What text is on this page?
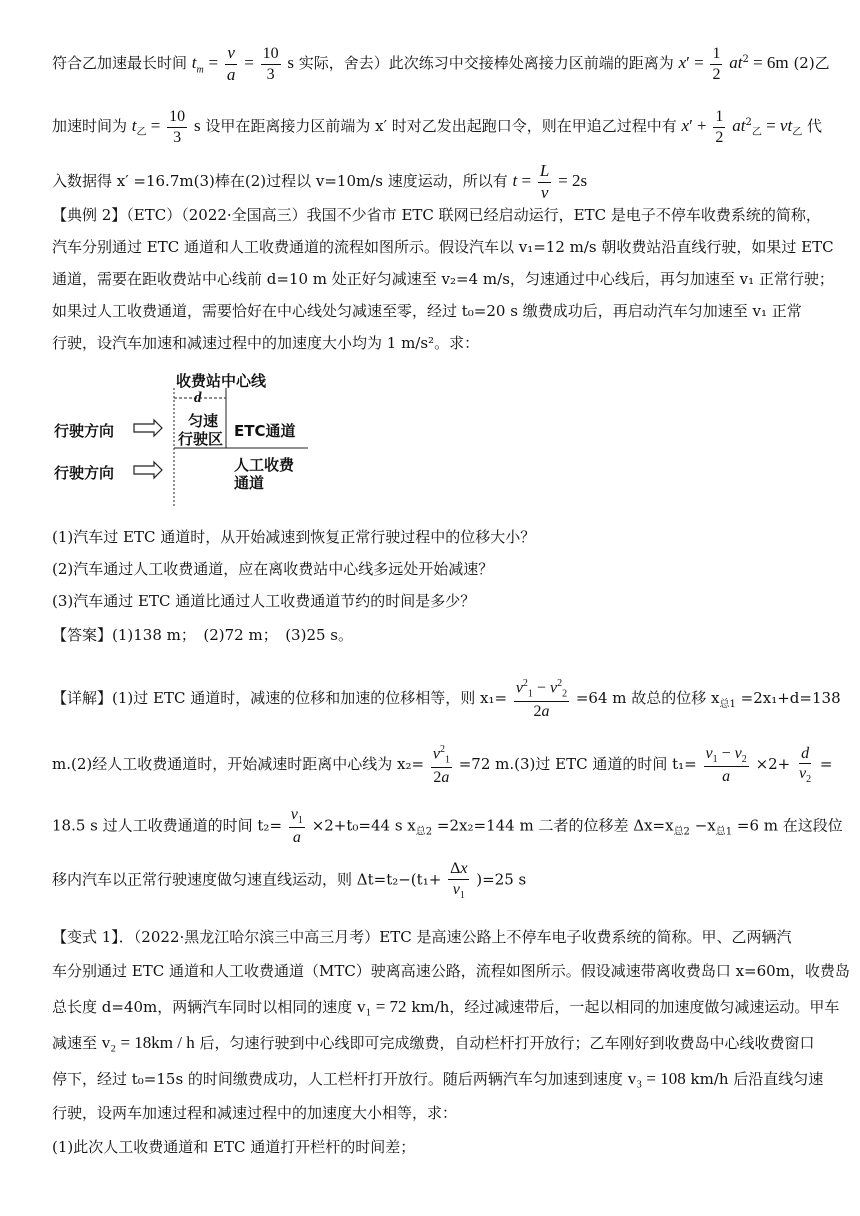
符合乙加速最长时间 $t_m = \frac{v}{a} = \frac{10}{3}$ s 实际，舍去）此次练习中交接棒处离接力区前端的距离为 $x' = \frac{1}{2} at^2 = 6m$ (2)乙
加速时间为 $t_乙 = \frac{10}{3}$ s 设甲在距离接力区前端为 x′ 时对乙发出起跑口令，则在甲追乙过程中有 $x' + \frac{1}{2} at^2_乙 = vt_乙$ 代
入数据得 x′ =16.7m(3)棒在(2)过程以 v=10m/s 速度运动，所以有 $t = \frac{L}{v} = 2s$
【典例 2】（ETC）（2022·全国高三）我国不少省市 ETC 联网已经启动运行，ETC 是电子不停车收费系统的简称，
汽车分别通过 ETC 通道和人工收费通道的流程如图所示。假设汽车以 v₁=12 m/s 朝收费站沿直线行驶，如果过 ETC
通道，需要在距收费站中心线前 d=10 m 处正好匀减速至 v₂=4 m/s，匀速通过中心线后，再匀加速至 v₁ 正常行驶；
如果过人工收费通道，需要恰好在中心线处匀减速至零，经过 t₀=20 s 缴费成功后，再启动汽车匀加速至 v₁ 正常
行驶，设汽车加速和减速过程中的加速度大小均为 1 m/s²。求：
收费站中心线
d
行驶方向
匀速
行驶区 ETC通道
行驶方向	人工收费
通道
(1)汽车过 ETC 通道时，从开始减速到恢复正常行驶过程中的位移大小？
(2)汽车通过人工收费通道，应在离收费站中心线多远处开始减速？
(3)汽车通过 ETC 通道比通过人工收费通道节约的时间是多少？
【答案】(1)138 m；　(2)72 m；　(3)25 s。
【详解】(1)过 ETC 通道时，减速的位移和加速的位移相等，则 $x_1= \frac{v^2_1 - v^2_2}{2a} =64$ m 故总的位移 $x_{总1} =2x_1+d=138$
m.(2)经人工收费通道时，开始减速时距离中心线为 $x_2= \frac{v^2_1}{2a} =72$ m.(3)过 ETC 通道的时间 $t_1= \frac{v_1 - v_2}{a} \times 2+ \frac{d}{v_2}$ =
18.5 s 过人工收费通道的时间 $t_2= \frac{v_1}{a} \times 2+t_0=44$ s $x_{总2} =2x_2=144$ m 二者的位移差 $\Delta x=x_{总2} -x_{总1} =6$ m 在这段位
移内汽车以正常行驶速度做匀速直线运动，则 $\Delta t=t_2-(t_1+ \frac{\Delta x}{v_1} )=25$ s
【变式 1】．（2022·黑龙江哈尔滨三中高三月考）ETC 是高速公路上不停车电子收费系统的简称。甲、乙两辆汽
车分别通过 ETC 通道和人工收费通道（MTC）驶离高速公路，流程如图所示。假设减速带离收费岛口 x=60m，收费岛
总长度 d=40m，两辆汽车同时以相同的速度 v₁ = 72 km/h，经过减速带后，一起以相同的加速度做匀减速运动。甲车
减速至 v₂ = 18km / h 后，匀速行驶到中心线即可完成缴费，自动栏杆打开放行；乙车刚好到收费岛中心线收费窗口
停下，经过 t₀=15s 的时间缴费成功，人工栏杆打开放行。随后两辆汽车匀加速到速度 v₃ = 108 km/h 后沿直线匀速
行驶，设两车加速过程和减速过程中的加速度大小相等，求：
(1)此次人工收费通道和 ETC 通道打开栏杆的时间差；
